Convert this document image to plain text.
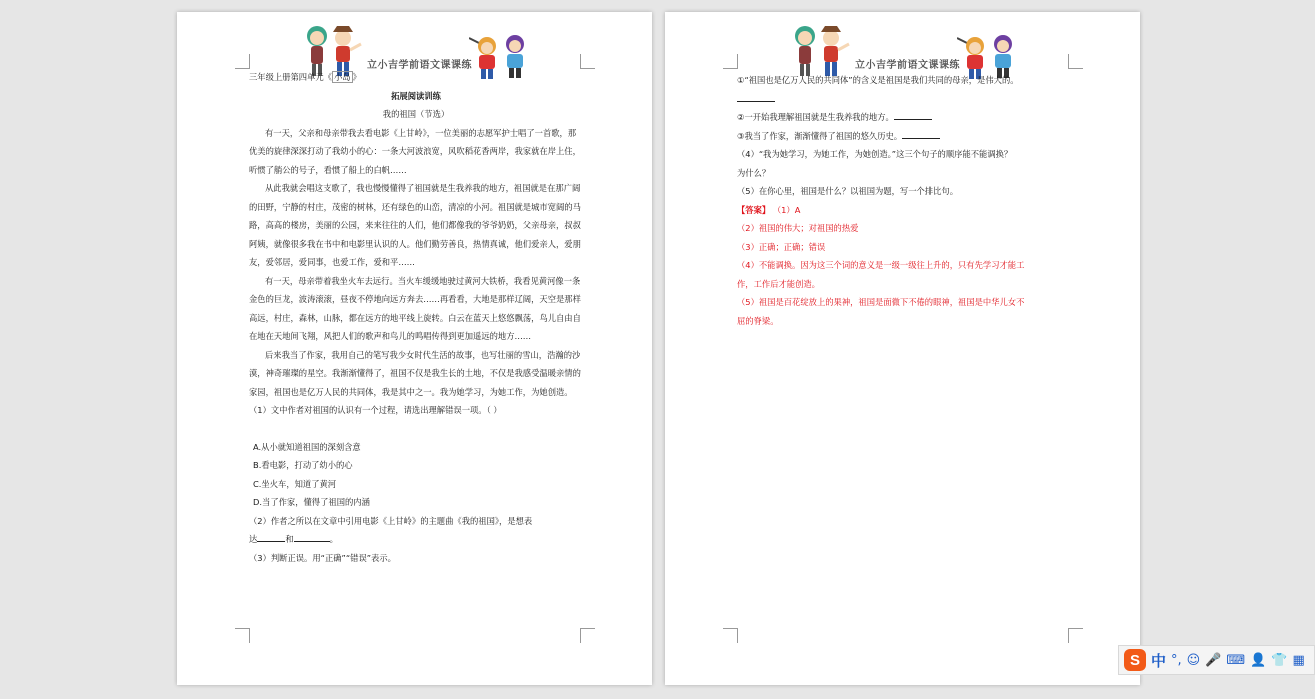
立小吉学前语文课课练

三年级上册第四单元《 小岛 》

拓展阅读训练

我的祖国（节选）

有一天，父亲和母亲带我去看电影《上甘岭》，一位美丽的志愿军护士唱了一首歌，那优美的旋律深深打动了我幼小的心：一条大河波浪宽，风吹稻花香两岸，我家就在岸上住，听惯了艄公的号子，看惯了船上的白帆……

从此我就会唱这支歌了，我也慢慢懂得了祖国就是生我养我的地方，祖国就是在那广阔的田野，宁静的村庄，茂密的树林，还有绿色的山峦，清凉的小河。祖国就是城市宽阔的马路，高高的楼房，美丽的公园，来来往往的人们，他们都像我的爷爷奶奶，父亲母亲，叔叔阿姨，就像很多我在书中和电影里认识的人。他们勤劳善良，热情真诚，他们爱亲人，爱朋友，爱邻居，爱同事，也爱工作，爱和平……

有一天，母亲带着我坐火车去远行。当火车缓缓地驶过黄河大铁桥，我看见黄河像一条金色的巨龙，波涛滚滚，昼夜不停地向远方奔去……再看看，大地是那样辽阔，天空是那样高远，村庄，森林，山脉，都在远方的地平线上旋转。白云在蓝天上悠悠飘荡，鸟儿自由自在地在天地间飞翔，风把人们的歌声和鸟儿的鸣唱传得到更加遥远的地方……

后来我当了作家，我用自己的笔写我少女时代生活的故事，也写壮丽的雪山，浩瀚的沙漠，神奇璀璨的星空。我渐渐懂得了，祖国不仅是我生长的土地，不仅是我感受温暖亲情的家园，祖国也是亿万人民的共同体，我是其中之一。我为她学习，为她工作，为她创造。

（1）文中作者对祖国的认识有一个过程，请选出理解错误一项。（ ）

A.从小就知道祖国的深刻含意

B.看电影，打动了幼小的心

C.坐火车，知道了黄河

D.当了作家，懂得了祖国的内涵

（2）作者之所以在文章中引用电影《上甘岭》的主题曲《我的祖国》，是想表

达	和	。

（3）判断正误。用“正确”“错误”表示。

立小吉学前语文课课练

①“祖国也是亿万人民的共同体”的含义是祖国是我们共同的母亲，是伟大的。

②一开始我理解祖国就是生我养我的地方。

③我当了作家，渐渐懂得了祖国的悠久历史。

（4）“我为她学习，为她工作，为她创造。”这三个句子的顺序能不能调换？

为什么？

（5）在你心里，祖国是什么？以祖国为题，写一个排比句。

【答案】 （1）A

（2）祖国的伟大；对祖国的热爱

（3）正确；正确；错误

（4）不能调换。因为这三个词的意义是一级一级往上升的，只有先学习才能工

作，工作后才能创造。

（5）祖国是百花绽放上的果神，祖国是面微下不倦的眼神，祖国是中华儿女不

屈的脊梁。

S 中 °, ☺ 🎤 ⌨ 👤 👕 ▦
